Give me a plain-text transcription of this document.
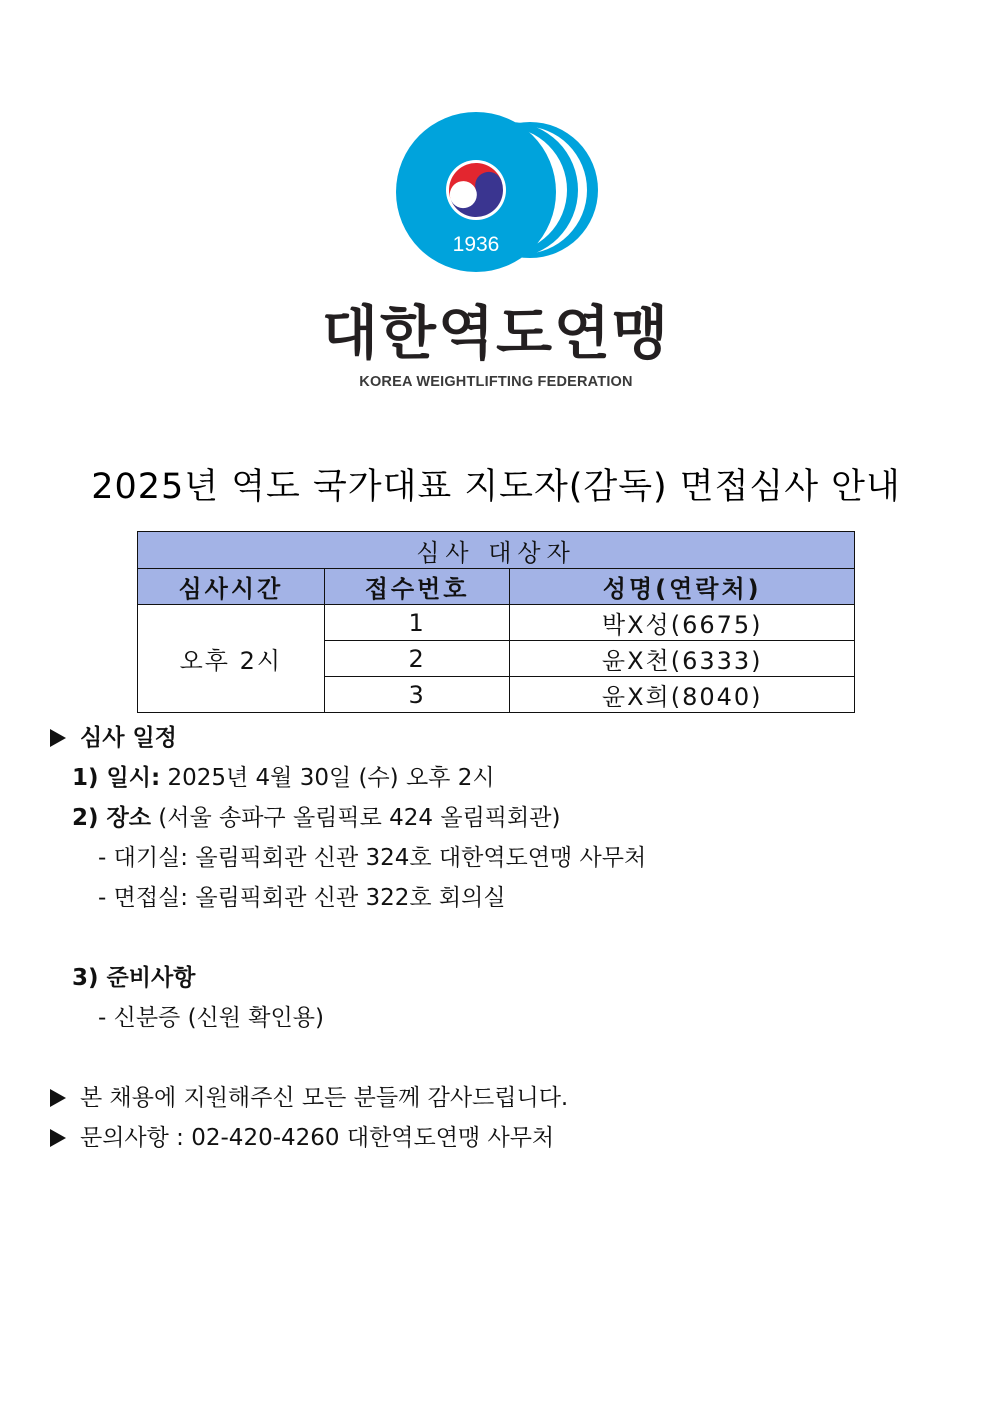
1936
대한역도연맹
KOREA WEIGHTLIFTING FEDERATION
2025년 역도 국가대표 지도자(감독) 면접심사 안내
심사 대상자		
심사시간	접수번호	성명(연락처)
오후 2시	1	박X성(6675)
	2	윤X천(6333)
	3	윤X희(8040)
심사 일정
1) 일시: 2025년 4월 30일 (수) 오후 2시
2) 장소 (서울 송파구 올림픽로 424 올림픽회관)
- 대기실: 올림픽회관 신관 324호 대한역도연맹 사무처
- 면접실: 올림픽회관 신관 322호 회의실
3) 준비사항
- 신분증 (신원 확인용)
본 채용에 지원해주신 모든 분들께 감사드립니다.
문의사항 : 02-420-4260 대한역도연맹 사무처
